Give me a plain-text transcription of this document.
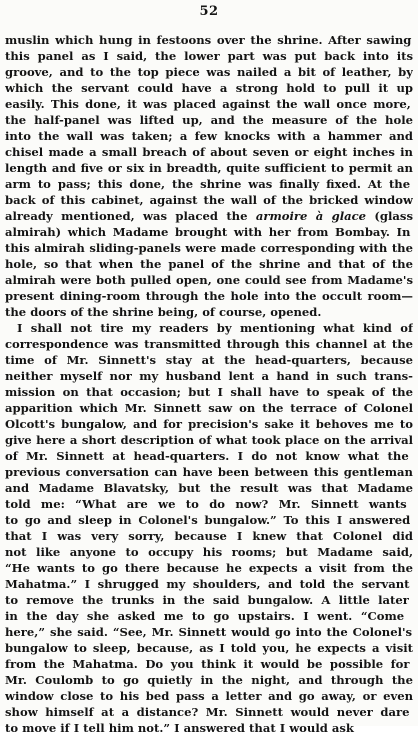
52
muslin which hung in festoons over the shrine. After sawing
this panel as I said, the lower part was put back into its
groove, and to the top piece was nailed a bit of leather, by
which the servant could have a strong hold to pull it up
easily. This done, it was placed against the wall once more,
the half-panel was lifted up, and the measure of the hole
into the wall was taken; a few knocks with a hammer and
chisel made a small breach of about seven or eight inches in
length and five or six in breadth, quite sufficient to permit an
arm to pass; this done, the shrine was finally fixed. At the
back of this cabinet, against the wall of the bricked window
already mentioned, was placed the armoire à glace (glass
almirah) which Madame brought with her from Bombay. In
this almirah sliding-panels were made corresponding with the
hole, so that when the panel of the shrine and that of the
almirah were both pulled open, one could see from Madame's
present dining-room through the hole into the occult room—
the doors of the shrine being, of course, opened.
I shall not tire my readers by mentioning what kind of
correspondence was transmitted through this channel at the
time of Mr. Sinnett's stay at the head-quarters, because
neither myself nor my husband lent a hand in such trans-
mission on that occasion; but I shall have to speak of the
apparition which Mr. Sinnett saw on the terrace of Colonel
Olcott's bungalow, and for precision's sake it behoves me to
give here a short description of what took place on the arrival
of Mr. Sinnett at head-quarters. I do not know what the
previous conversation can have been between this gentleman
and Madame Blavatsky, but the result was that Madame
told me: “What are we to do now? Mr. Sinnett wants
to go and sleep in Colonel's bungalow.” To this I answered
that I was very sorry, because I knew that Colonel did
not like anyone to occupy his rooms; but Madame said,
“He wants to go there because he expects a visit from the
Mahatma.” I shrugged my shoulders, and told the servant
to remove the trunks in the said bungalow. A little later
in the day she asked me to go upstairs. I went. “Come
here,” she said. “See, Mr. Sinnett would go into the Colonel's
bungalow to sleep, because, as I told you, he expects a visit
from the Mahatma. Do you think it would be possible for
Mr. Coulomb to go quietly in the night, and through the
window close to his bed pass a letter and go away, or even
show himself at a distance? Mr. Sinnett would never dare
to move if I tell him not.” I answered that I would ask
